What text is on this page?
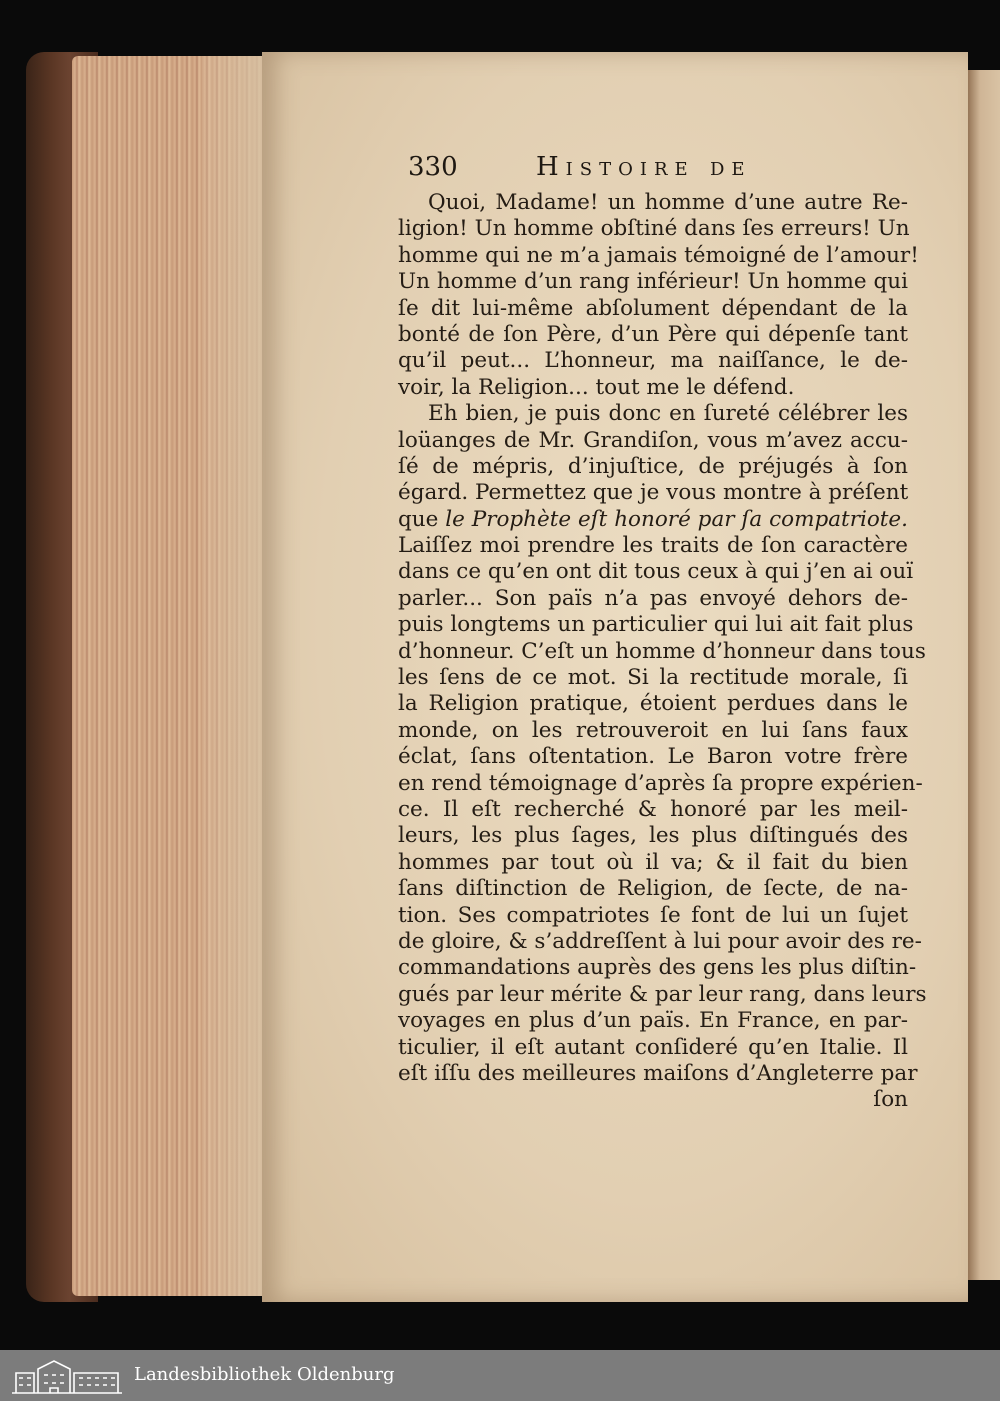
330	Histoire de
Quoi, Madame! un homme d’une autre Re-
ligion! Un homme obſtiné dans ſes erreurs! Un
homme qui ne m’a jamais témoigné de l’amour!
Un homme d’un rang inférieur! Un homme qui
ſe dit lui-même abſolument dépendant de la
bonté de ſon Père, d’un Père qui dépenſe tant
qu’il peut... L’honneur, ma naiſſance, le de-
voir, la Religion... tout me le défend.
Eh bien, je puis donc en ſureté célébrer les
loüanges de Mr. Grandiſon, vous m’avez accu-
ſé de mépris, d’injuſtice, de préjugés à ſon
égard. Permettez que je vous montre à préſent
que le Prophète eſt honoré par ſa compatriote.
Laiſſez moi prendre les traits de ſon caractère
dans ce qu’en ont dit tous ceux à qui j’en ai ouï
parler... Son païs n’a pas envoyé dehors de-
puis longtems un particulier qui lui ait fait plus
d’honneur. C’eſt un homme d’honneur dans tous
les ſens de ce mot. Si la rectitude morale, ſi
la Religion pratique, étoient perdues dans le
monde, on les retrouveroit en lui ſans faux
éclat, ſans oſtentation. Le Baron votre frère
en rend témoignage d’après ſa propre expérien-
ce. Il eſt recherché & honoré par les meil-
leurs, les plus ſages, les plus diſtingués des
hommes par tout où il va; & il fait du bien
ſans diſtinction de Religion, de ſecte, de na-
tion. Ses compatriotes ſe font de lui un ſujet
de gloire, & s’addreſſent à lui pour avoir des re-
commandations auprès des gens les plus diſtin-
gués par leur mérite & par leur rang, dans leurs
voyages en plus d’un païs. En France, en par-
ticulier, il eſt autant conſideré qu’en Italie. Il
eſt iſſu des meilleures maiſons d’Angleterre par
ſon
Landesbibliothek Oldenburg
